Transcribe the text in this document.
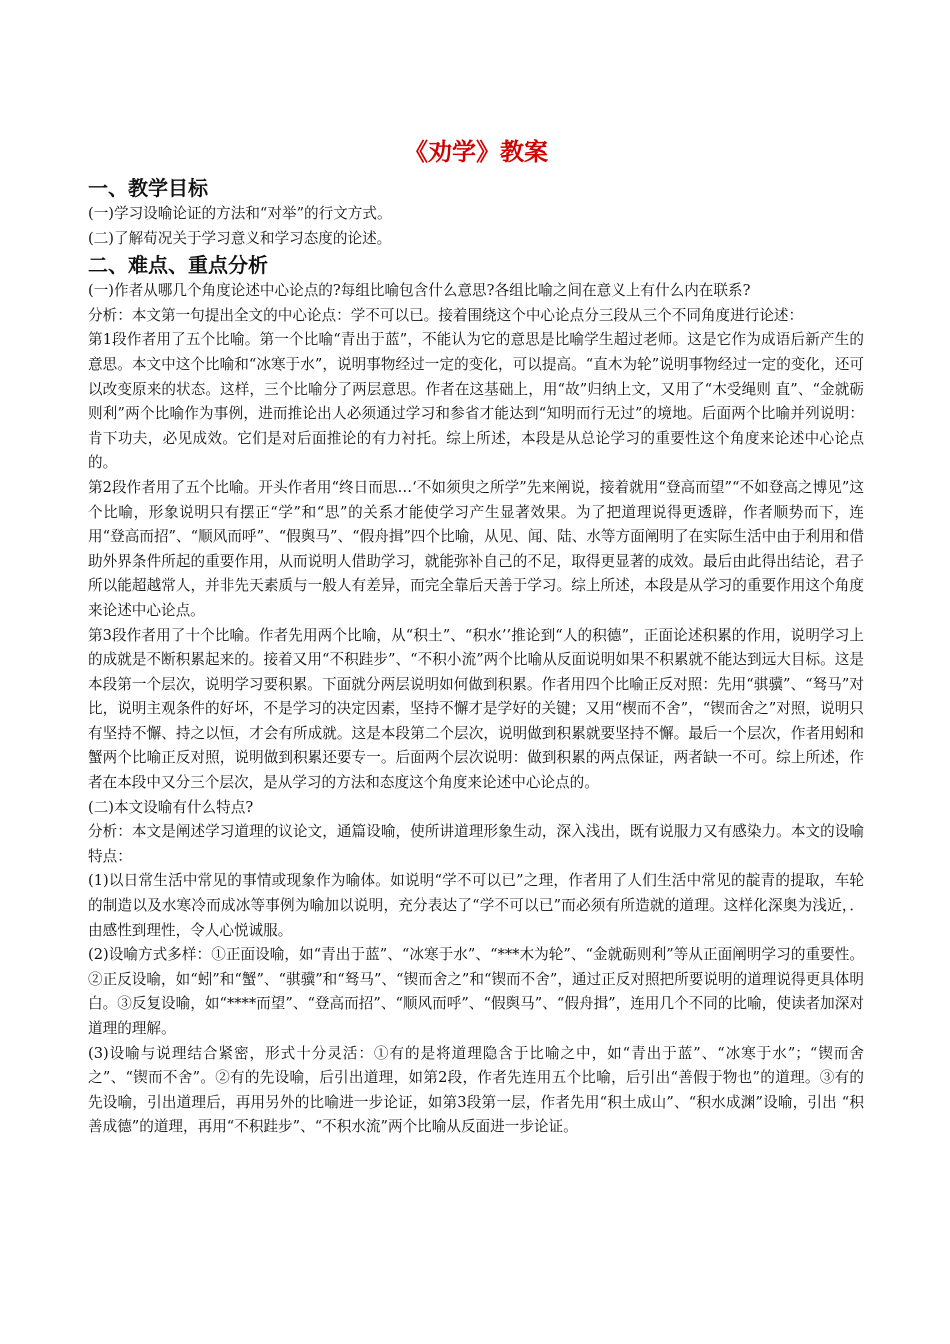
《劝学》教案
一、教学目标

(一)学习设喻论证的方法和“对举”的行文方式。

(二)了解荀况关于学习意义和学习态度的论述。

二、难点、重点分析

(一)作者从哪几个角度论述中心论点的?每组比喻包含什么意思?各组比喻之间在意义上有什么内在联系?

分析：本文第一句提出全文的中心论点：学不可以已。接着围绕这个中心论点分三段从三个不同角度进行论述：

第1段作者用了五个比喻。第一个比喻“青出于蓝”，不能认为它的意思是比喻学生超过老师。这是它作为成语后新产生的意思。本文中这个比喻和“冰寒于水”，说明事物经过一定的变化，可以提高。“直木为轮”说明事物经过一定的变化，还可以改变原来的状态。这样，三个比喻分了两层意思。作者在这基础上，用“故”归纳上文，又用了“木受绳则 直”、“金就砺则利”两个比喻作为事例，进而推论出人必须通过学习和参省才能达到“知明而行无过”的境地。后面两个比喻并列说明：肯下功夫，必见成效。它们是对后面推论的有力衬托。综上所述，本段是从总论学习的重要性这个角度来论述中心论点的。

第2段作者用了五个比喻。开头作者用“终日而思…‘不如须臾之所学”先来阐说，接着就用“登高而望”“不如登高之博见”这个比喻，形象说明只有摆正“学”和“思”的关系才能使学习产生显著效果。为了把道理说得更透辟，作者顺势而下，连用“登高而招”、“顺风而呼”、“假舆马”、“假舟揖”四个比喻，从见、闻、陆、水等方面阐明了在实际生活中由于利用和借助外界条件所起的重要作用，从而说明人借助学习，就能弥补自己的不足，取得更显著的成效。最后由此得出结论，君子所以能超越常人，并非先天素质与一般人有差异，而完全靠后天善于学习。综上所述，本段是从学习的重要作用这个角度来论述中心论点。

第3段作者用了十个比喻。作者先用两个比喻，从“积土”、“积水’’推论到“人的积德”，正面论述积累的作用，说明学习上的成就是不断积累起来的。接着又用“不积跬步”、“不积小流”两个比喻从反面说明如果不积累就不能达到远大目标。这是本段第一个层次，说明学习要积累。下面就分两层说明如何做到积累。作者用四个比喻正反对照：先用“骐骥”、“驽马”对比，说明主观条件的好坏，不是学习的决定因素，坚持不懈才是学好的关键；又用“楔而不舍”，“锲而舍之”对照，说明只有坚持不懈、持之以恒，才会有所成就。这是本段第二个层次，说明做到积累就要坚持不懈。最后一个层次，作者用蚓和蟹两个比喻正反对照，说明做到积累还要专一。后面两个层次说明：做到积累的两点保证，两者缺一不可。综上所述，作者在本段中又分三个层次，是从学习的方法和态度这个角度来论述中心论点的。

(二)本文设喻有什么特点?

分析：本文是阐述学习道理的议论文，通篇设喻，使所讲道理形象生动，深入浅出，既有说服力又有感染力。本文的设喻特点：

(1)以日常生活中常见的事情或现象作为喻体。如说明“学不可以已”之理，作者用了人们生活中常见的靛青的提取，车轮的制造以及水寒冷而成冰等事例为喻加以说明，充分表达了“学不可以已”而必须有所造就的道理。这样化深奥为浅近，．由感性到理性，令人心悦诚服。

(2)设喻方式多样：①正面设喻，如“青出于蓝”、“冰寒于水”、“***木为轮”、“金就砺则利”等从正面阐明学习的重要性。②正反设喻，如“蚓”和“蟹”、“骐骥”和“驽马”、“锲而舍之”和“锲而不舍”，通过正反对照把所要说明的道理说得更具体明白。③反复设喻，如“****而望”、“登高而招”、“顺风而呼”、“假舆马”、“假舟揖”，连用几个不同的比喻，使读者加深对道理的理解。

(3)设喻与说理结合紧密，形式十分灵活：①有的是将道理隐含于比喻之中，如“青出于蓝”、“冰寒于水”；“锲而舍之”、“锲而不舍”。②有的先设喻，后引出道理，如第2段，作者先连用五个比喻，后引出“善假于物也”的道理。③有的先设喻，引出道理后，再用另外的比喻进一步论证，如第3段第一层，作者先用“积土成山”、“积水成渊”设喻，引出 “积善成德”的道理，再用“不积跬步”、“不积水流”两个比喻从反面进一步论证。
